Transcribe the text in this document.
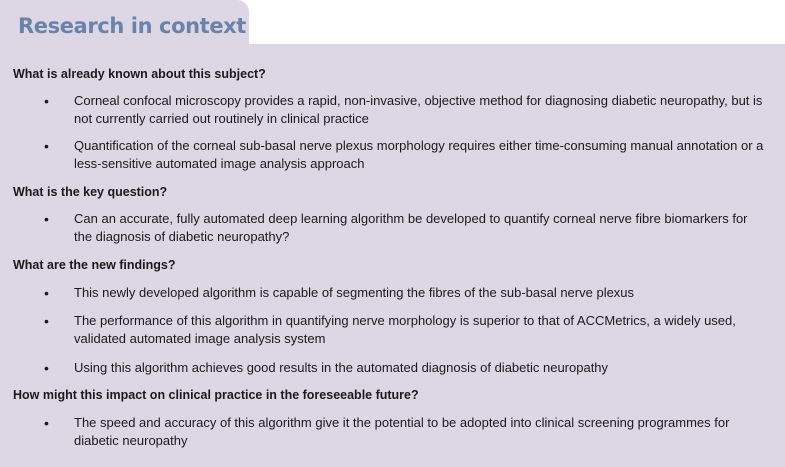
Research in context
What is already known about this subject?
• Corneal confocal microscopy provides a rapid, non-invasive, objective method for diagnosing diabetic neuropathy, but is not currently carried out routinely in clinical practice
• Quantification of the corneal sub-basal nerve plexus morphology requires either time-consuming manual annotation or a less-sensitive automated image analysis approach
What is the key question?
• Can an accurate, fully automated deep learning algorithm be developed to quantify corneal nerve fibre biomarkers for the diagnosis of diabetic neuropathy?
What are the new findings?
• This newly developed algorithm is capable of segmenting the fibres of the sub-basal nerve plexus
• The performance of this algorithm in quantifying nerve morphology is superior to that of ACCMetrics, a widely used, validated automated image analysis system
• Using this algorithm achieves good results in the automated diagnosis of diabetic neuropathy
How might this impact on clinical practice in the foreseeable future?
• The speed and accuracy of this algorithm give it the potential to be adopted into clinical screening programmes for diabetic neuropathy
